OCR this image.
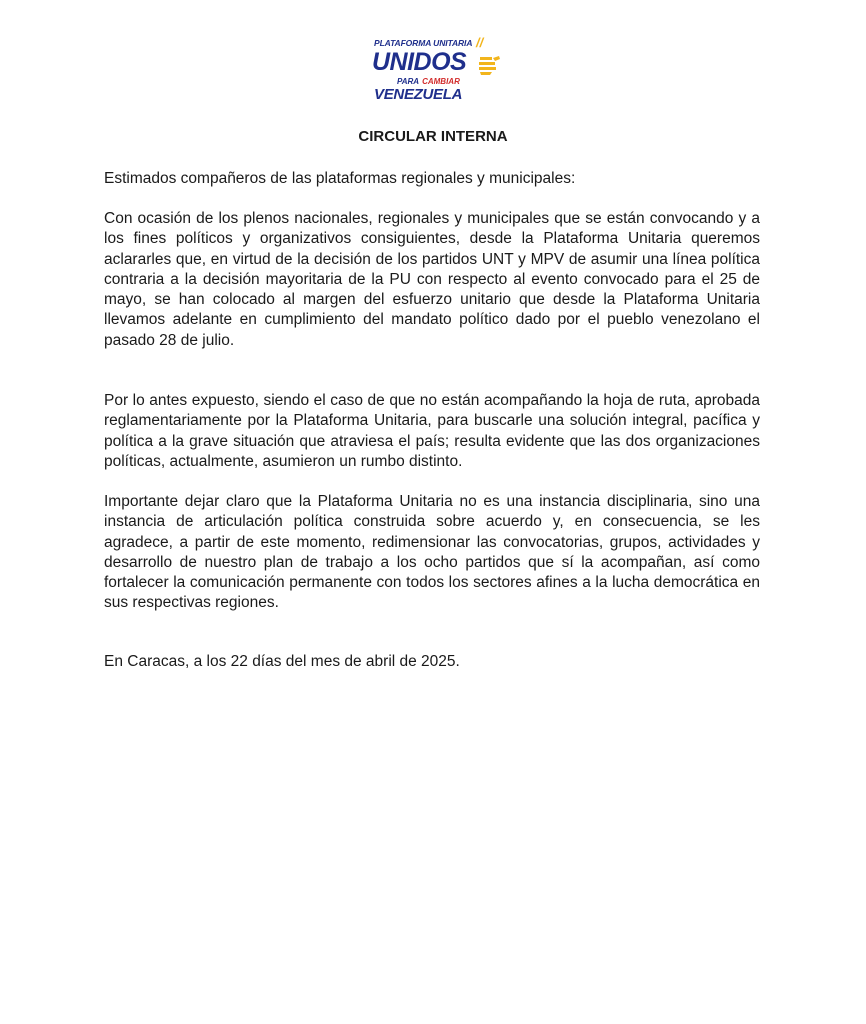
PLATAFORMA UNITARIA //
UNIDOS
PARA CAMBIAR
VENEZUELA
CIRCULAR INTERNA

Estimados compañeros de las plataformas regionales y municipales:

Con ocasión de los plenos nacionales, regionales y municipales que se están convocando y a los fines políticos y organizativos consiguientes, desde la Plataforma Unitaria queremos aclararles que, en virtud de la decisión de los partidos UNT y MPV de asumir una línea política contraria a la decisión mayoritaria de la PU con respecto al evento convocado para el 25 de mayo, se han colocado al margen del esfuerzo unitario que desde la Plataforma Unitaria llevamos adelante en cumplimiento del mandato político dado por el pueblo venezolano el pasado 28 de julio.

Por lo antes expuesto, siendo el caso de que no están acompañando la hoja de ruta, aprobada reglamentariamente por la Plataforma Unitaria, para buscarle una solución integral, pacífica y política a la grave situación que atraviesa el país; resulta evidente que las dos organizaciones políticas, actualmente, asumieron un rumbo distinto.

Importante dejar claro que la Plataforma Unitaria no es una instancia disciplinaria, sino una instancia de articulación política construida sobre acuerdo y, en consecuencia, se les agradece, a partir de este momento, redimensionar las convocatorias, grupos, actividades y desarrollo de nuestro plan de trabajo a los ocho partidos que sí la acompañan, así como fortalecer la comunicación permanente con todos los sectores afines a la lucha democrática en sus respectivas regiones.

En Caracas, a los 22 días del mes de abril de 2025.
